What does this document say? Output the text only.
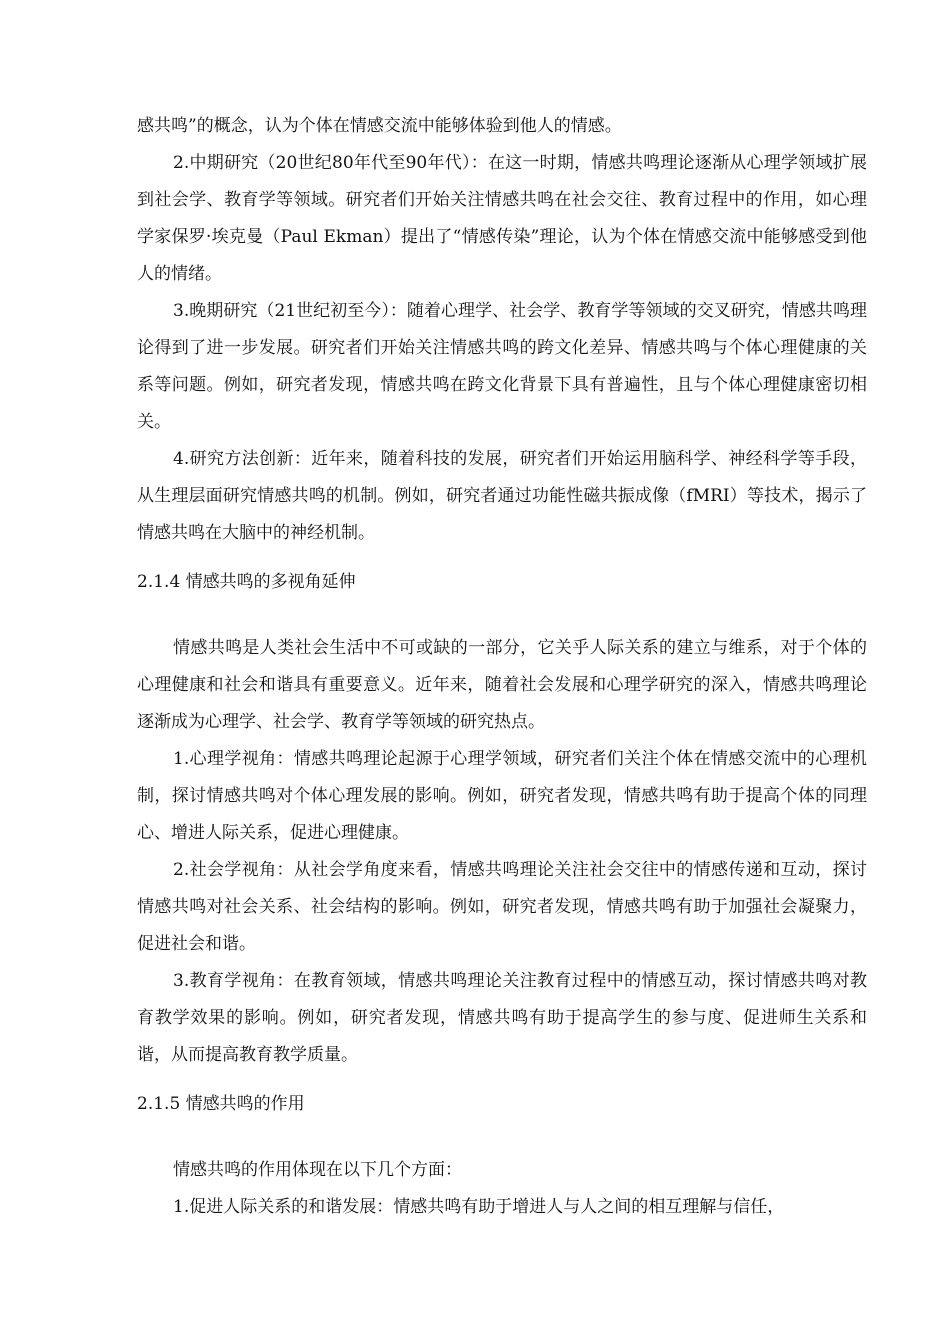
感共鸣”的概念，认为个体在情感交流中能够体验到他人的情感。

2.中期研究（20世纪80年代至90年代）：在这一时期，情感共鸣理论逐渐从心理学领域扩展到社会学、教育学等领域。研究者们开始关注情感共鸣在社会交往、教育过程中的作用，如心理学家保罗·埃克曼（Paul Ekman）提出了“情感传染”理论，认为个体在情感交流中能够感受到他人的情绪。

3.晚期研究（21世纪初至今）：随着心理学、社会学、教育学等领域的交叉研究，情感共鸣理论得到了进一步发展。研究者们开始关注情感共鸣的跨文化差异、情感共鸣与个体心理健康的关系等问题。例如，研究者发现，情感共鸣在跨文化背景下具有普遍性，且与个体心理健康密切相关。

4.研究方法创新：近年来，随着科技的发展，研究者们开始运用脑科学、神经科学等手段，从生理层面研究情感共鸣的机制。例如，研究者通过功能性磁共振成像（fMRI）等技术，揭示了情感共鸣在大脑中的神经机制。

2.1.4 情感共鸣的多视角延伸

情感共鸣是人类社会生活中不可或缺的一部分，它关乎人际关系的建立与维系，对于个体的心理健康和社会和谐具有重要意义。近年来，随着社会发展和心理学研究的深入，情感共鸣理论逐渐成为心理学、社会学、教育学等领域的研究热点。

1.心理学视角：情感共鸣理论起源于心理学领域，研究者们关注个体在情感交流中的心理机制，探讨情感共鸣对个体心理发展的影响。例如，研究者发现，情感共鸣有助于提高个体的同理心、增进人际关系，促进心理健康。

2.社会学视角：从社会学角度来看，情感共鸣理论关注社会交往中的情感传递和互动，探讨情感共鸣对社会关系、社会结构的影响。例如，研究者发现，情感共鸣有助于加强社会凝聚力，促进社会和谐。

3.教育学视角：在教育领域，情感共鸣理论关注教育过程中的情感互动，探讨情感共鸣对教育教学效果的影响。例如，研究者发现，情感共鸣有助于提高学生的参与度、促进师生关系和谐，从而提高教育教学质量。

2.1.5 情感共鸣的作用

情感共鸣的作用体现在以下几个方面：

1.促进人际关系的和谐发展：情感共鸣有助于增进人与人之间的相互理解与信任，
